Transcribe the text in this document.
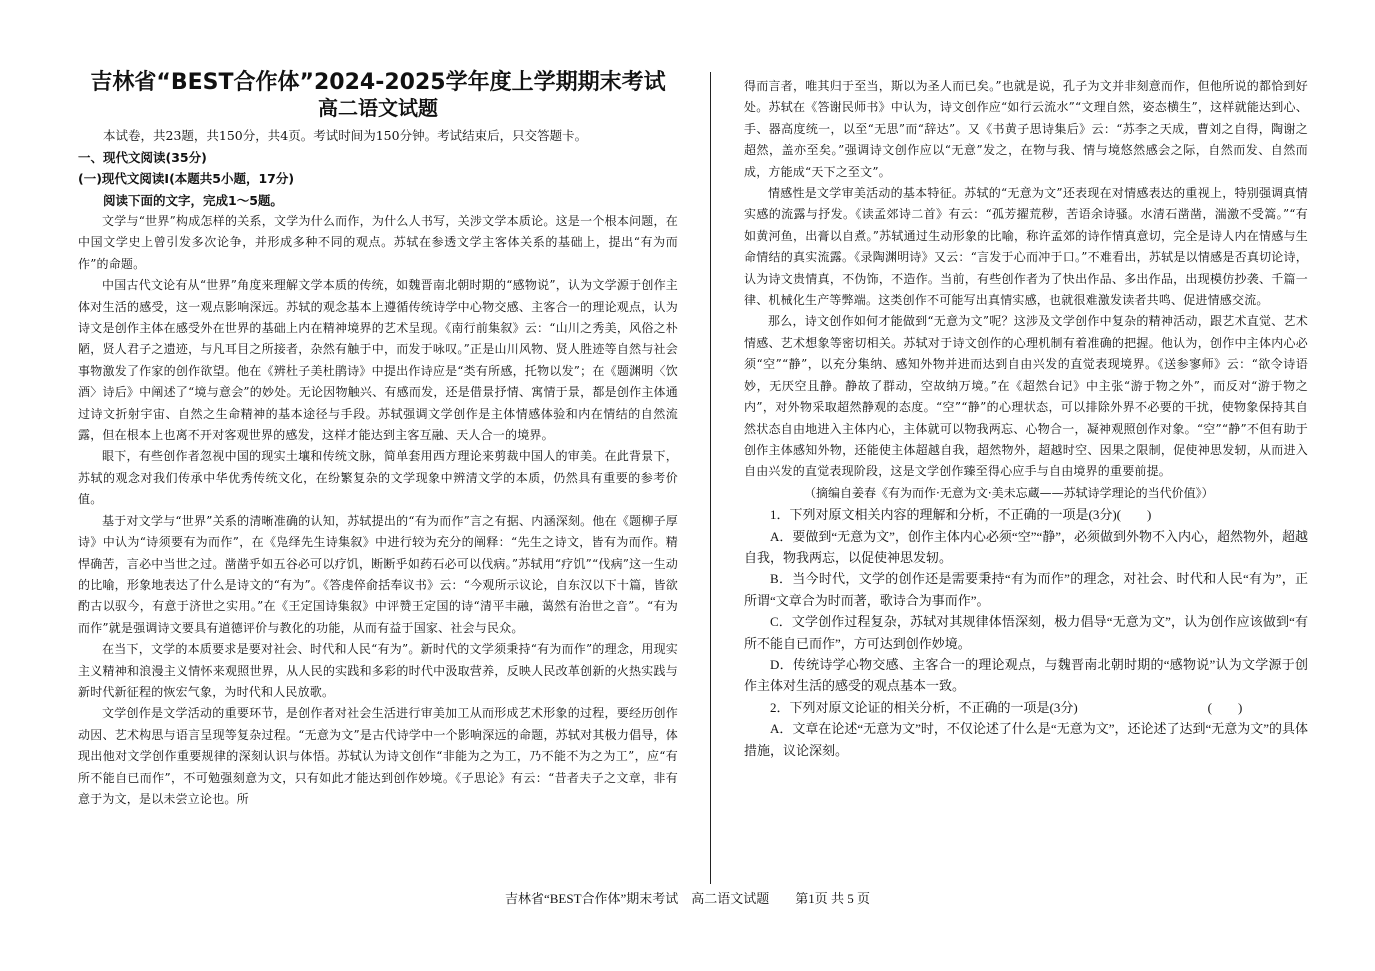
吉林省“BEST合作体”2024-2025学年度上学期期末考试
高二语文试题

本试卷，共23题，共150分，共4页。考试时间为150分钟。考试结束后，只交答题卡。

一、现代文阅读(35分)

(一)现代文阅读Ⅰ(本题共5小题，17分)

阅读下面的文字，完成1～5题。

文学与“世界”构成怎样的关系，文学为什么而作，为什么人书写，关涉文学本质论。这是一个根本问题，在中国文学史上曾引发多次论争，并形成多种不同的观点。苏轼在参透文学主客体关系的基础上，提出“有为而作”的命题。

中国古代文论有从“世界”角度来理解文学本质的传统，如魏晋南北朝时期的“感物说”，认为文学源于创作主体对生活的感受，这一观点影响深远。苏轼的观念基本上遵循传统诗学中心物交感、主客合一的理论观点，认为诗文是创作主体在感受外在世界的基础上内在精神境界的艺术呈现。《南行前集叙》云：“山川之秀美，风俗之朴陋，贤人君子之遗迹，与凡耳目之所接者，杂然有触于中，而发于咏叹。”正是山川风物、贤人胜迹等自然与社会事物激发了作家的创作欲望。他在《辨杜子美杜鹃诗》中提出作诗应是“类有所感，托物以发”；在《题渊明〈饮酒〉诗后》中阐述了“境与意会”的妙处。无论因物触兴、有感而发，还是借景抒情、寓情于景，都是创作主体通过诗文折射宇宙、自然之生命精神的基本途径与手段。苏轼强调文学创作是主体情感体验和内在情结的自然流露，但在根本上也离不开对客观世界的感发，这样才能达到主客互融、天人合一的境界。

眼下，有些创作者忽视中国的现实土壤和传统文脉，简单套用西方理论来剪裁中国人的审美。在此背景下，苏轼的观念对我们传承中华优秀传统文化，在纷繁复杂的文学现象中辨清文学的本质，仍然具有重要的参考价值。

基于对文学与“世界”关系的清晰准确的认知，苏轼提出的“有为而作”言之有据、内涵深刻。他在《题柳子厚诗》中认为“诗须要有为而作”，在《凫绎先生诗集叙》中进行较为充分的阐释：“先生之诗文，皆有为而作。精悍确苦，言必中当世之过。凿凿乎如五谷必可以疗饥，断断乎如药石必可以伐病。”苏轼用“疗饥”“伐病”这一生动的比喻，形象地表达了什么是诗文的“有为”。《答虔倅俞括奉议书》云：“今观所示议论，自东汉以下十篇，皆欲酌古以驭今，有意于济世之实用。”在《王定国诗集叙》中评赞王定国的诗“清平丰融，蔼然有治世之音”。“有为而作”就是强调诗文要具有道德评价与教化的功能，从而有益于国家、社会与民众。

在当下，文学的本质要求是要对社会、时代和人民“有为”。新时代的文学须秉持“有为而作”的理念，用现实主义精神和浪漫主义情怀来观照世界，从人民的实践和多彩的时代中汲取营养，反映人民改革创新的火热实践与新时代新征程的恢宏气象，为时代和人民放歌。

文学创作是文学活动的重要环节，是创作者对社会生活进行审美加工从而形成艺术形象的过程，要经历创作动因、艺术构思与语言呈现等复杂过程。“无意为文”是古代诗学中一个影响深远的命题，苏轼对其极力倡导，体现出他对文学创作重要规律的深刻认识与体悟。苏轼认为诗文创作“非能为之为工，乃不能不为之为工”，应“有所不能自已而作”，不可勉强刻意为文，只有如此才能达到创作妙境。《子思论》有云：“昔者夫子之文章，非有意于为文，是以未尝立论也。所

得而言者，唯其归于至当，斯以为圣人而已矣。”也就是说，孔子为文并非刻意而作，但他所说的都恰到好处。苏轼在《答谢民师书》中认为，诗文创作应“如行云流水”“文理自然，姿态横生”，这样就能达到心、手、器高度统一，以至“无思”而“辞达”。又《书黄子思诗集后》云：“苏李之天成，曹刘之自得，陶谢之超然，盖亦至矣。”强调诗文创作应以“无意”发之，在物与我、情与境悠然感会之际，自然而发、自然而成，方能成“天下之至文”。

情感性是文学审美活动的基本特征。苏轼的“无意为文”还表现在对情感表达的重视上，特别强调真情实感的流露与抒发。《读孟郊诗二首》有云：“孤芳擢荒秽，苦语余诗骚。水清石凿凿，湍激不受篙。”“有如黄河鱼，出膏以自煮。”苏轼通过生动形象的比喻，称许孟郊的诗作情真意切，完全是诗人内在情感与生命情结的真实流露。《录陶渊明诗》又云：“言发于心而冲于口。”不难看出，苏轼是以情感是否真切论诗，认为诗文贵情真，不伪饰，不造作。当前，有些创作者为了快出作品、多出作品，出现模仿抄袭、千篇一律、机械化生产等弊端。这类创作不可能写出真情实感，也就很难激发读者共鸣、促进情感交流。

那么，诗文创作如何才能做到“无意为文”呢？这涉及文学创作中复杂的精神活动，跟艺术直觉、艺术情感、艺术想象等密切相关。苏轼对于诗文创作的心理机制有着准确的把握。他认为，创作中主体内心必须“空”“静”，以充分集纳、感知外物并进而达到自由兴发的直觉表现境界。《送参寥师》云：“欲令诗语妙，无厌空且静。静故了群动，空故纳万境。”在《超然台记》中主张“游于物之外”，而反对“游于物之内”，对外物采取超然静观的态度。“空”“静”的心理状态，可以排除外界不必要的干扰，使物象保持其自然状态自由地进入主体内心，主体就可以物我两忘、心物合一，凝神观照创作对象。“空”“静”不但有助于创作主体感知外物，还能使主体超越自我，超然物外，超越时空、因果之限制，促使神思发轫，从而进入自由兴发的直觉表现阶段，这是文学创作臻至得心应手与自由境界的重要前提。

（摘编自姜春《有为而作·无意为文·美未忘蔵——苏轼诗学理论的当代价值》）

1．下列对原文相关内容的理解和分析，不正确的一项是(3分)(　　)

A．要做到“无意为文”，创作主体内心必须“空”“静”，必须做到外物不入内心，超然物外，超越自我，物我两忘，以促使神思发轫。

B．当今时代，文学的创作还是需要秉持“有为而作”的理念，对社会、时代和人民“有为”，正所谓“文章合为时而著，歌诗合为事而作”。

C．文学创作过程复杂，苏轼对其规律体悟深刻，极力倡导“无意为文”，认为创作应该做到“有所不能自已而作”，方可达到创作妙境。

D．传统诗学心物交感、主客合一的理论观点，与魏晋南北朝时期的“感物说”认为文学源于创作主体对生活的感受的观点基本一致。

2．下列对原文论证的相关分析，不正确的一项是(3分)　　　　　　　　　　(　　)

A．文章在论述“无意为文”时，不仅论述了什么是“无意为文”，还论述了达到“无意为文”的具体措施，议论深刻。

吉林省“BEST合作体”期末考试　高二语文试题　　第1页 共 5 页
